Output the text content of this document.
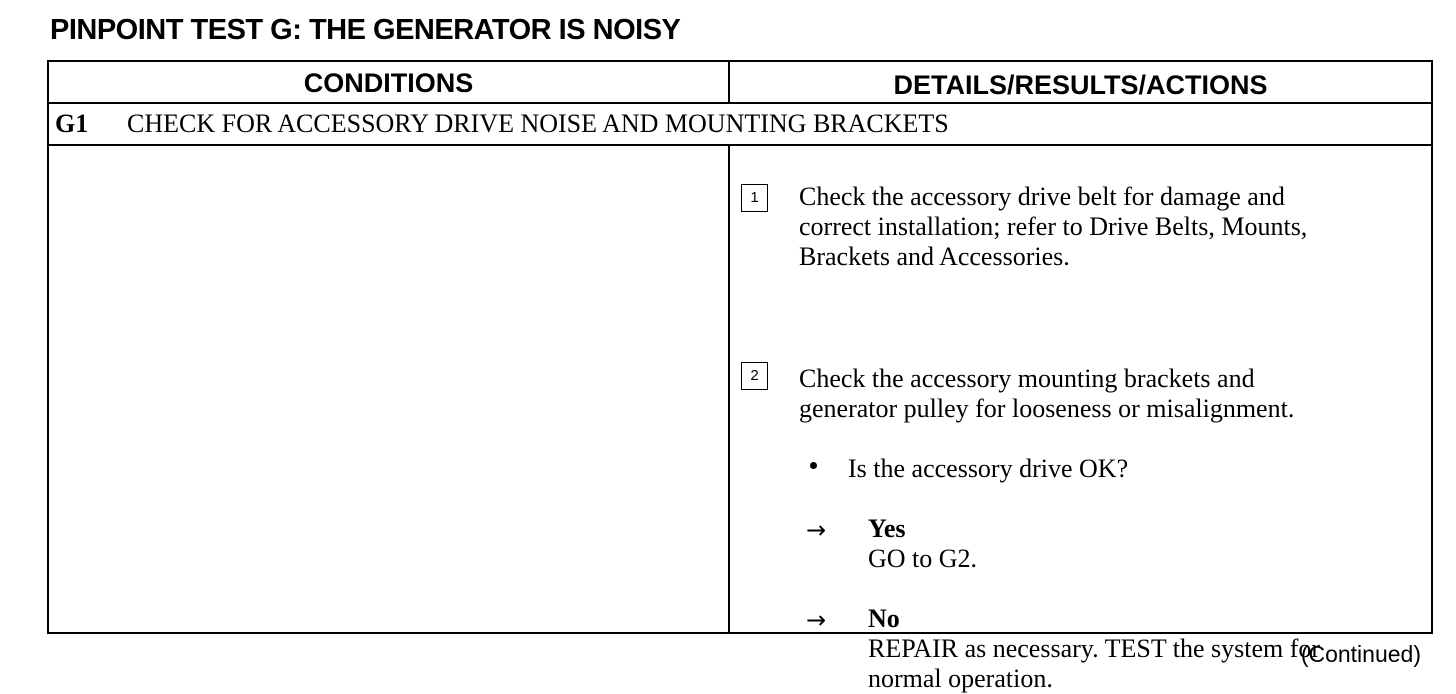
PINPOINT TEST G: THE GENERATOR IS NOISY
CONDITIONS	DETAILS/RESULTS/ACTIONS
G1 CHECK FOR ACCESSORY DRIVE NOISE AND MOUNTING BRACKETS
1	Check the accessory drive belt for damage and
correct installation; refer to Drive Belts, Mounts,
Brackets and Accessories.
2	Check the accessory mounting brackets and
generator pulley for looseness or misalignment.
Is the accessory drive OK?
→ Yes
GO to G2.
→ No
REPAIR as necessary. TEST the system for
normal operation.
(Continued)
